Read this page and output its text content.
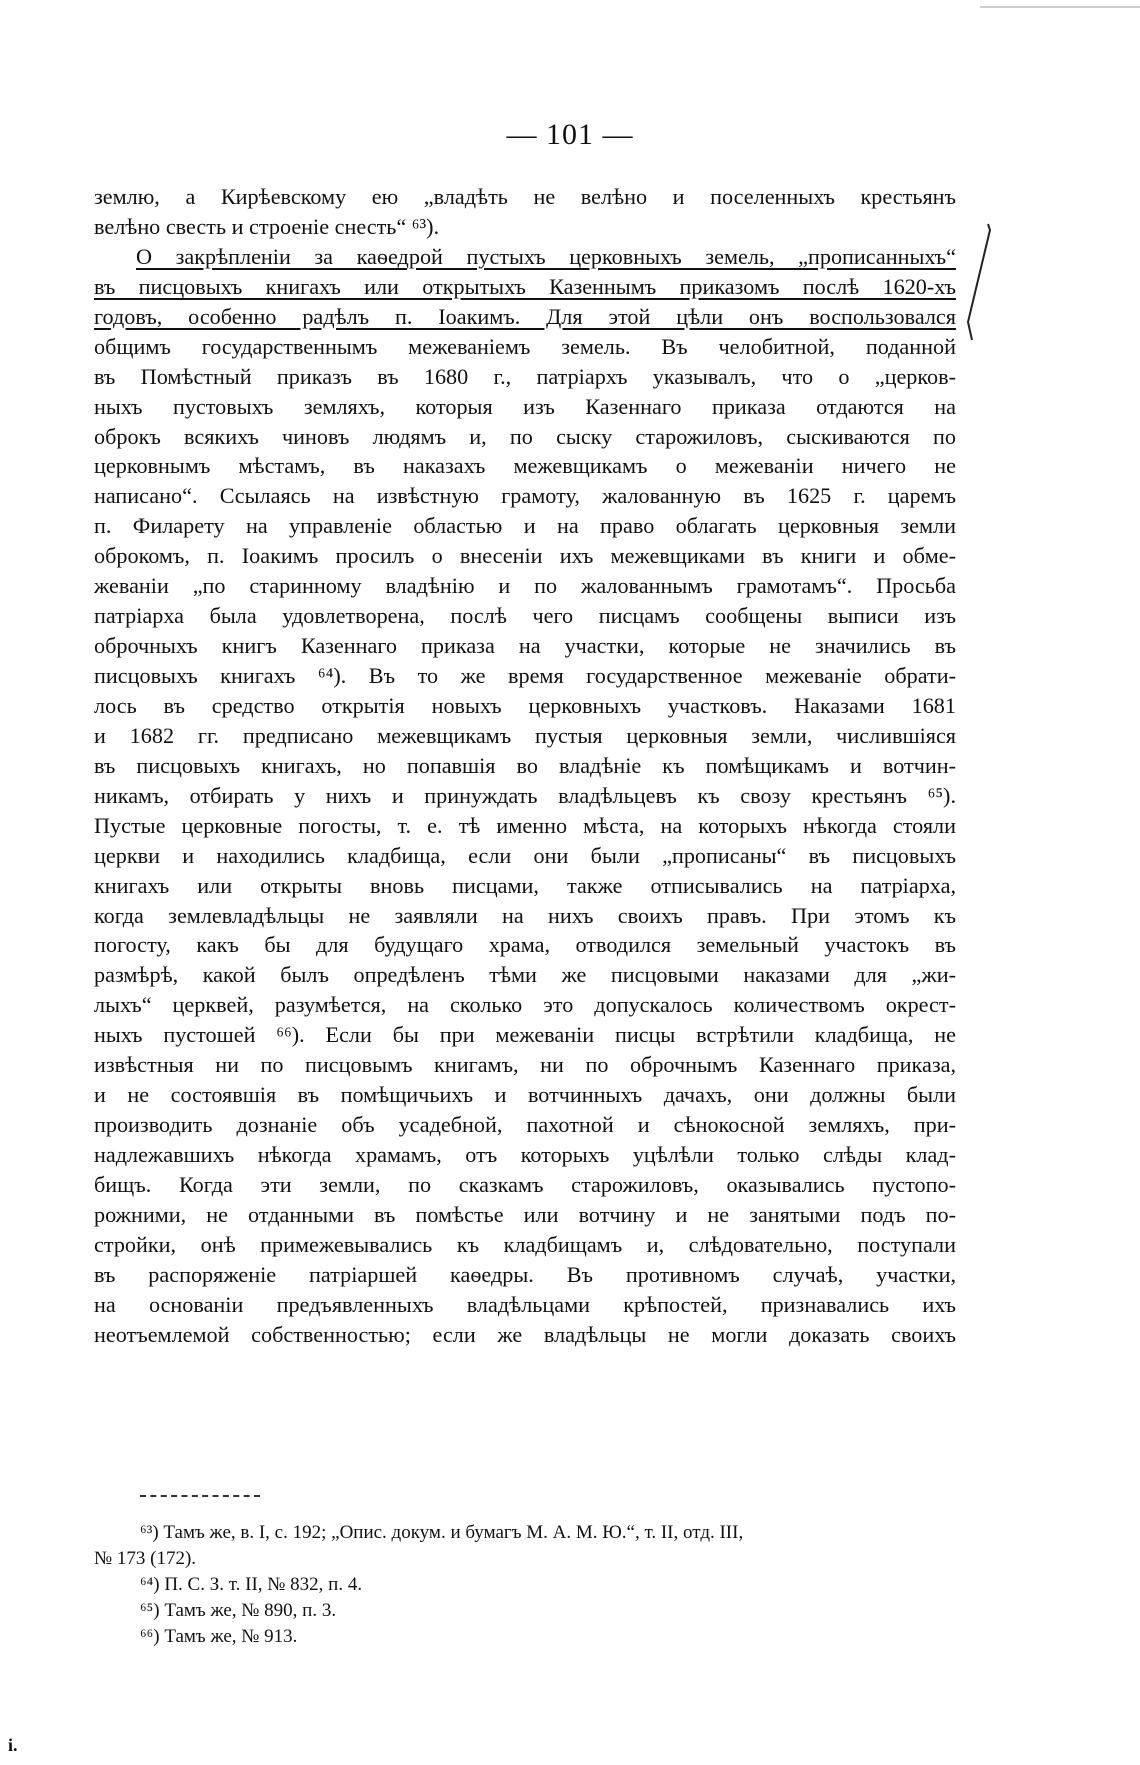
— 101 —
землю, а Кирѣевскому ею „владѣть не велѣно и поселенныхъ крестьянъ
велѣно свесть и строеніе снесть“ ⁶³).
О закрѣпленіи за каѳедрой пустыхъ церковныхъ земель, „прописанныхъ“
въ писцовыхъ книгахъ или открытыхъ Казеннымъ приказомъ послѣ 1620-хъ
годовъ, особенно радѣлъ п. Іоакимъ. Для этой цѣли онъ воспользовался
общимъ государственнымъ межеваніемъ земель. Въ челобитной, поданной
въ Помѣстный приказъ въ 1680 г., патріархъ указывалъ, что о „церков-
ныхъ пустовыхъ земляхъ, которыя изъ Казеннаго приказа отдаются на
оброкъ всякихъ чиновъ людямъ и, по сыску старожиловъ, сыскиваются по
церковнымъ мѣстамъ, въ наказахъ межевщикамъ о межеваніи ничего не
написано“. Ссылаясь на извѣстную грамоту, жалованную въ 1625 г. царемъ
п. Филарету на управленіе областью и на право облагать церковныя земли
оброкомъ, п. Іоакимъ просилъ о внесеніи ихъ межевщиками въ книги и обме-
жеваніи „по старинному владѣнію и по жалованнымъ грамотамъ“. Просьба
патріарха была удовлетворена, послѣ чего писцамъ сообщены выписи изъ
оброчныхъ книгъ Казеннаго приказа на участки, которые не значились въ
писцовыхъ книгахъ ⁶⁴). Въ то же время государственное межеваніе обрати-
лось въ средство открытія новыхъ церковныхъ участковъ. Наказами 1681
и 1682 гг. предписано межевщикамъ пустыя церковныя земли, числившіяся
въ писцовыхъ книгахъ, но попавшія во владѣніе къ помѣщикамъ и вотчин-
никамъ, отбирать у нихъ и принуждать владѣльцевъ къ свозу крестьянъ ⁶⁵).
Пустые церковные погосты, т. е. тѣ именно мѣста, на которыхъ нѣкогда стояли
церкви и находились кладбища, если они были „прописаны“ въ писцовыхъ
книгахъ или открыты вновь писцами, также отписывались на патріарха,
когда землевладѣльцы не заявляли на нихъ своихъ правъ. При этомъ къ
погосту, какъ бы для будущаго храма, отводился земельный участокъ въ
размѣрѣ, какой былъ опредѣленъ тѣми же писцовыми наказами для „жи-
лыхъ“ церквей, разумѣется, на сколько это допускалось количествомъ окрест-
ныхъ пустошей ⁶⁶). Если бы при межеваніи писцы встрѣтили кладбища, не
извѣстныя ни по писцовымъ книгамъ, ни по оброчнымъ Казеннаго приказа,
и не состоявшія въ помѣщичьихъ и вотчинныхъ дачахъ, они должны были
производить дознаніе объ усадебной, пахотной и сѣнокосной земляхъ, при-
надлежавшихъ нѣкогда храмамъ, отъ которыхъ уцѣлѣли только слѣды клад-
бищъ. Когда эти земли, по сказкамъ старожиловъ, оказывались пустопо-
рожними, не отданными въ помѣстье или вотчину и не занятыми подъ по-
стройки, онѣ примежевывались къ кладбищамъ и, слѣдовательно, поступали
въ распоряженіе патріаршей каѳедры. Въ противномъ случаѣ, участки,
на основаніи предъявленныхъ владѣльцами крѣпостей, признавались ихъ
неотъемлемой собственностью; если же владѣльцы не могли доказать своихъ
⁶³) Тамъ же, в. I, с. 192; „Опис. докум. и бумагъ М. А. М. Ю.“, т. II, отд. III,
№ 173 (172).
⁶⁴) П. С. З. т. II, № 832, п. 4.
⁶⁵) Тамъ же, № 890, п. 3.
⁶⁶) Тамъ же, № 913.
i.
